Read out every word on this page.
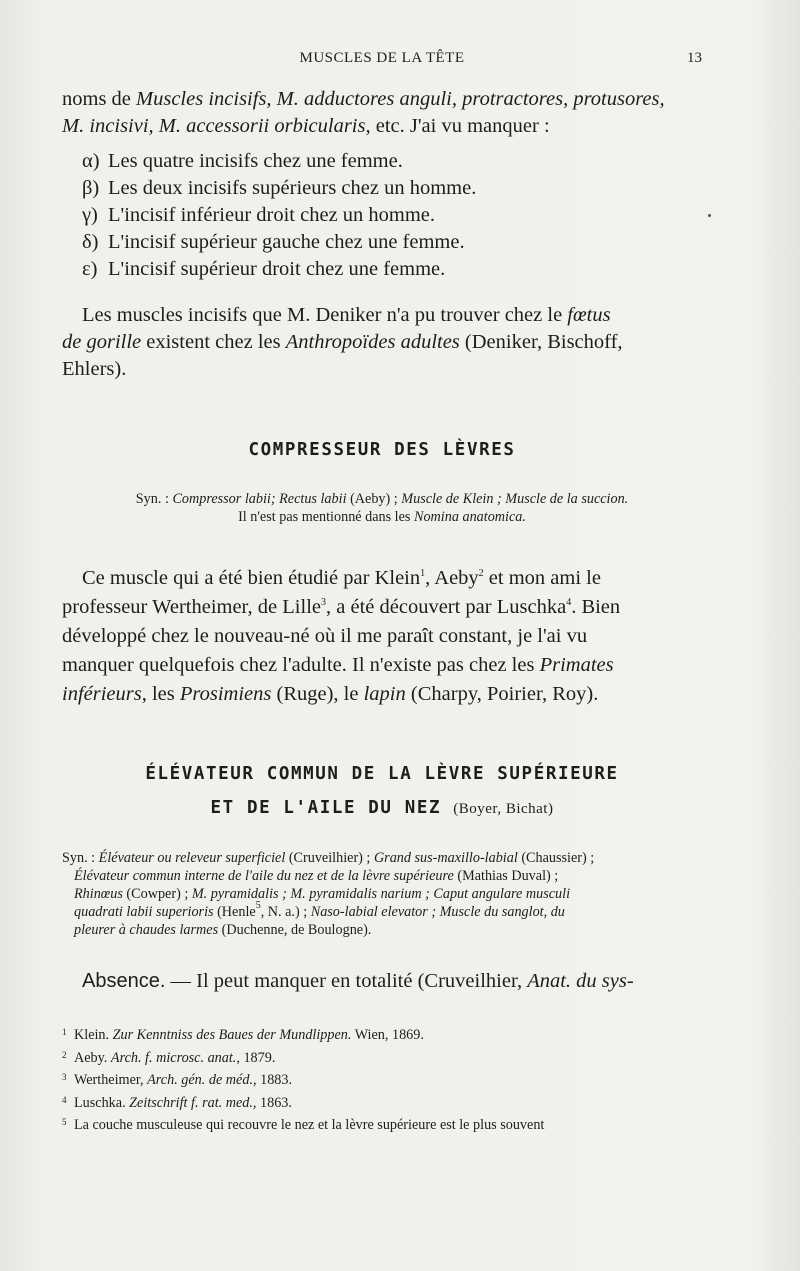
MUSCLES DE LA TÊTE	13
noms de Muscles incisifs, M. adductores anguli, protractores, protusores,
M. incisivi, M. accessorii orbicularis, etc. J'ai vu manquer :
α) Les quatre incisifs chez une femme.
β) Les deux incisifs supérieurs chez un homme.
γ) L'incisif inférieur droit chez un homme.
δ) L'incisif supérieur gauche chez une femme.
ε) L'incisif supérieur droit chez une femme.
Les muscles incisifs que M. Deniker n'a pu trouver chez le fœtus
de gorille existent chez les Anthropoïdes adultes (Deniker, Bischoff,
Ehlers).
COMPRESSEUR DES LÈVRES
Syn. : Compressor labii; Rectus labii (Aeby) ; Muscle de Klein ; Muscle de la succion.
Il n'est pas mentionné dans les Nomina anatomica.
Ce muscle qui a été bien étudié par Klein$^1$, Aeby$^2$ et mon ami le
professeur Wertheimer, de Lille$^3$, a été découvert par Luschka$^4$. Bien
développé chez le nouveau-né où il me paraît constant, je l'ai vu
manquer quelquefois chez l'adulte. Il n'existe pas chez les Primates
inférieurs, les Prosimiens (Ruge), le lapin (Charpy, Poirier, Roy).
ÉLÉVATEUR COMMUN DE LA LÈVRE SUPÉRIEURE
ET DE L'AILE DU NEZ (Boyer, Bichat)
Syn. : Élévateur ou releveur superficiel (Cruveilhier) ; Grand sus-maxillo-labial (Chaussier) ;
Élévateur commun interne de l'aile du nez et de la lèvre supérieure (Mathias Duval) ;
Rhinœus (Cowper) ; M. pyramidalis ; M. pyramidalis narium ; Caput angulare musculi
quadrati labii superioris (Henle$^5$, N. a.) ; Naso-labial elevator ; Muscle du sanglot, du
pleurer à chaudes larmes (Duchenne, de Boulogne).
Absence. — Il peut manquer en totalité (Cruveilhier, Anat. du sys-
1 Klein. Zur Kenntniss des Baues der Mundlippen. Wien, 1869.
2 Aeby. Arch. f. microsc. anat., 1879.
3 Wertheimer, Arch. gén. de méd., 1883.
4 Luschka. Zeitschrift f. rat. med., 1863.
5 La couche musculeuse qui recouvre le nez et la lèvre supérieure est le plus souvent
